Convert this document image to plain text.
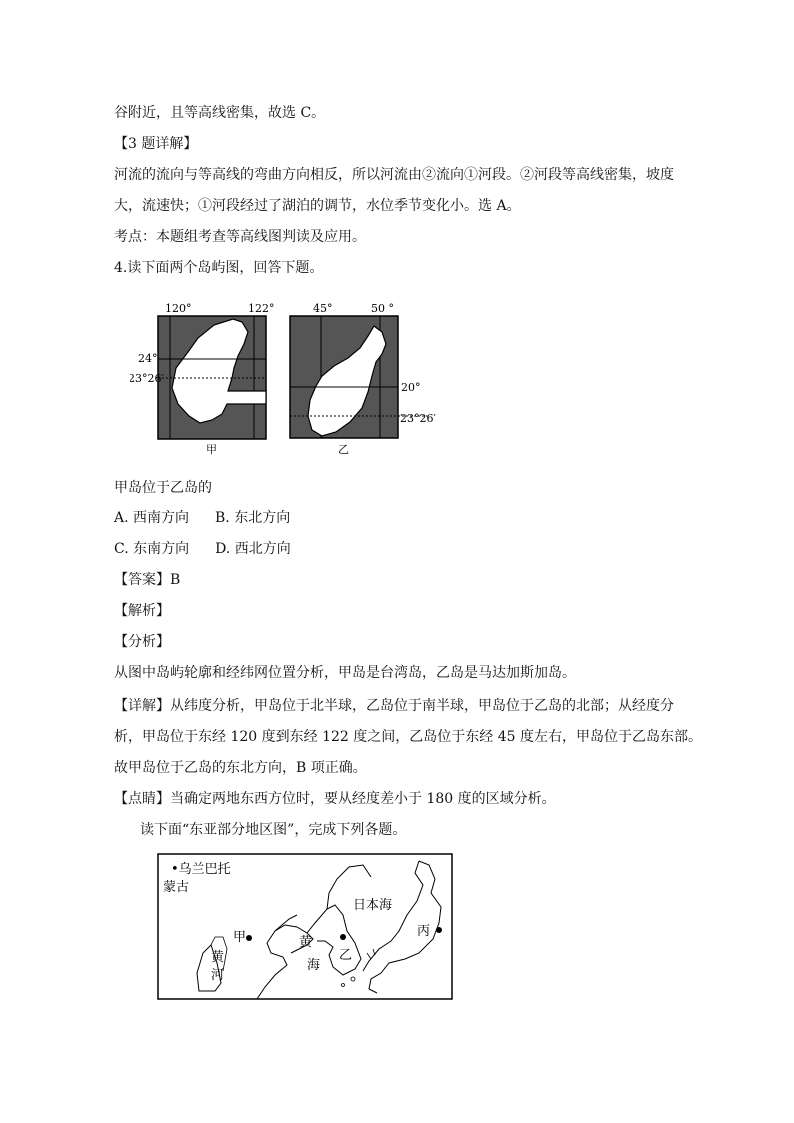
谷附近，且等高线密集，故选 C。
【3 题详解】
河流的流向与等高线的弯曲方向相反，所以河流由②流向①河段。②河段等高线密集，坡度
大，流速快；①河段经过了湖泊的调节，水位季节变化小。选 A。
考点：本题组考查等高线图判读及应用。
4.读下面两个岛屿图，回答下题。
120°	122°
24°
23°26′
甲
45°	50 °
20°
23°26′
乙
甲岛位于乙岛的
A. 西南方向 B. 东北方向
C. 东南方向 D. 西北方向
【答案】B
【解析】
【分析】
从图中岛屿轮廓和经纬网位置分析，甲岛是台湾岛，乙岛是马达加斯加岛。
【详解】从纬度分析，甲岛位于北半球，乙岛位于南半球，甲岛位于乙岛的北部；从经度分
析，甲岛位于东经 120 度到东经 122 度之间，乙岛位于东经 45 度左右，甲岛位于乙岛东部。
故甲岛位于乙岛的东北方向，B 项正确。
【点睛】当确定两地东西方位时，要从经度差小于 180 度的区域分析。
读下面“东亚部分地区图”，完成下列各题。
•乌兰巴托
蒙古
日本海
甲	黄
海
乙
丙
黄
河
